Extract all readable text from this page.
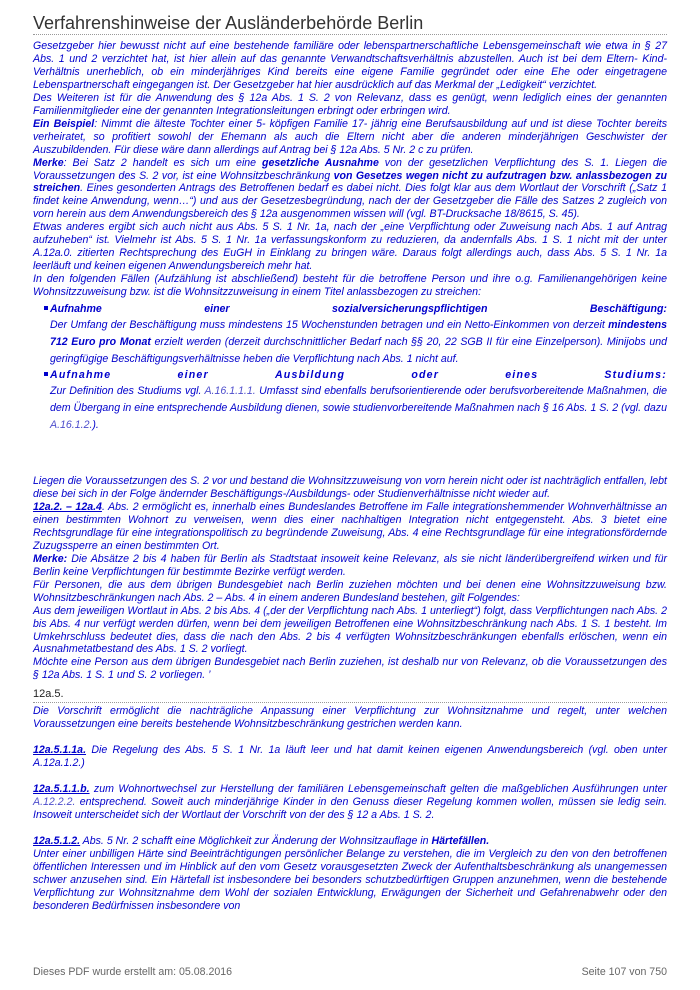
Verfahrenshinweise der Ausländerbehörde Berlin

Gesetzgeber hier bewusst nicht auf eine bestehende familiäre oder lebenspartnerschaftliche Lebensgemeinschaft wie etwa in § 27 Abs. 1 und 2 verzichtet hat, ist hier allein auf das genannte Verwandtschaftsverhältnis abzustellen. Auch ist bei dem Eltern- Kind- Verhältnis unerheblich, ob ein minderjähriges Kind bereits eine eigene Familie gegründet oder eine Ehe oder eingetragene Lebenspartnerschaft eingegangen ist. Der Gesetzgeber hat hier ausdrücklich auf das Merkmal der „Ledigkeit“ verzichtet.

Des Weiteren ist für die Anwendung des § 12a Abs. 1 S. 2 von Relevanz, dass es genügt, wenn lediglich eines der genannten Familienmitglieder eine der genannten Integrationsleitungen erbringt oder erbringen wird.

Ein Beispiel: Nimmt die älteste Tochter einer 5- köpfigen Familie 17- jährig eine Berufsausbildung auf und ist diese Tochter bereits verheiratet, so profitiert sowohl der Ehemann als auch die Eltern nicht aber die anderen minderjährigen Geschwister der Auszubildenden. Für diese wäre dann allerdings auf Antrag bei § 12a Abs. 5 Nr. 2 c zu prüfen.

Merke: Bei Satz 2 handelt es sich um eine gesetzliche Ausnahme von der gesetzlichen Verpflichtung des S. 1. Liegen die Voraussetzungen des S. 2 vor, ist eine Wohnsitzbeschränkung von Gesetzes wegen nicht zu aufzutragen bzw. anlassbezogen zu streichen. Eines gesonderten Antrags des Betroffenen bedarf es dabei nicht. Dies folgt klar aus dem Wortlaut der Vorschrift („Satz 1 findet keine Anwendung, wenn…“) und aus der Gesetzesbegründung, nach der der Gesetzgeber die Fälle des Satzes 2 zugleich von vorn herein aus dem Anwendungsbereich des § 12a ausgenommen wissen will (vgl. BT-Drucksache 18/8615, S. 45).

Etwas anderes ergibt sich auch nicht aus Abs. 5 S. 1 Nr. 1a, nach der „eine Verpflichtung oder Zuweisung nach Abs. 1 auf Antrag aufzuheben“ ist. Vielmehr ist Abs. 5 S. 1 Nr. 1a verfassungskonform zu reduzieren, da andernfalls Abs. 1 S. 1 nicht mit der unter A.12a.0. zitierten Rechtsprechung des EuGH in Einklang zu bringen wäre. Daraus folgt allerdings auch, dass Abs. 5 S. 1 Nr. 1a leerläuft und keinen eigenen Anwendungsbereich mehr hat.

In den folgenden Fällen (Aufzählung ist abschließend) besteht für die betroffene Person und ihre o.g. Familienangehörigen keine Wohnsitzzuweisung bzw. ist die Wohnsitzzuweisung in einem Titel anlassbezogen zu streichen:

Aufnahme	einer	sozialversicherungspflichtigen	Beschäftigung:
Der Umfang der Beschäftigung muss mindestens 15 Wochenstunden betragen und ein Netto-Einkommen von derzeit mindestens 712 Euro pro Monat erzielt werden (derzeit durchschnittlicher Bedarf nach §§ 20, 22 SGB II für eine Einzelperson). Minijobs und geringfügige Beschäftigungsverhältnisse heben die Verpflichtung nach Abs. 1 nicht auf.
Aufnahme	einer	Ausbildung	oder	eines	Studiums:
Zur Definition des Studiums vgl. A.16.1.1.1. Umfasst sind ebenfalls berufsorientierende oder berufsvorbereitende Maßnahmen, die dem Übergang in eine entsprechende Ausbildung dienen, sowie studienvorbereitende Maßnahmen nach § 16 Abs. 1 S. 2 (vgl. dazu A.16.1.2.).

Liegen die Voraussetzungen des S. 2 vor und bestand die Wohnsitzzuweisung von vorn herein nicht oder ist nachträglich entfallen, lebt diese bei sich in der Folge ändernder Beschäftigungs-/Ausbildungs- oder Studienverhältnisse nicht wieder auf.

12a.2. – 12a.4. Abs. 2 ermöglicht es, innerhalb eines Bundeslandes Betroffene im Falle integrationshemmender Wohnverhältnisse an einen bestimmten Wohnort zu verweisen, wenn dies einer nachhaltigen Integration nicht entgegensteht. Abs. 3 bietet eine Rechtsgrundlage für eine integrationspolitisch zu begründende Zuweisung, Abs. 4 eine Rechtsgrundlage für eine integrationsfördernde Zuzugssperre an einen bestimmten Ort.

Merke: Die Absätze 2 bis 4 haben für Berlin als Stadtstaat insoweit keine Relevanz, als sie nicht länderübergreifend wirken und für Berlin keine Verpflichtungen für bestimmte Bezirke verfügt werden.

Für Personen, die aus dem übrigen Bundesgebiet nach Berlin zuziehen möchten und bei denen eine Wohnsitzzuweisung bzw. Wohnsitzbeschränkungen nach Abs. 2 – Abs. 4 in einem anderen Bundesland bestehen, gilt Folgendes:

Aus dem jeweiligen Wortlaut in Abs. 2 bis Abs. 4 („der der Verpflichtung nach Abs. 1 unterliegt“) folgt, dass Verpflichtungen nach Abs. 2 bis Abs. 4 nur verfügt werden dürfen, wenn bei dem jeweiligen Betroffenen eine Wohnsitzbeschränkung nach Abs. 1 S. 1 besteht. Im Umkehrschluss bedeutet dies, dass die nach den Abs. 2 bis 4 verfügten Wohnsitzbeschränkungen ebenfalls erlöschen, wenn ein Ausnahmetatbestand des Abs. 1 S. 2 vorliegt.

Möchte eine Person aus dem übrigen Bundesgebiet nach Berlin zuziehen, ist deshalb nur von Relevanz, ob die Voraussetzungen des § 12a Abs. 1 S. 1 und S. 2 vorliegen. ’

12a.5.

Die Vorschrift ermöglicht die nachträgliche Anpassung einer Verpflichtung zur Wohnsitznahme und regelt, unter welchen Voraussetzungen eine bereits bestehende Wohnsitzbeschränkung gestrichen werden kann.

12a.5.1.1a. Die Regelung des Abs. 5 S. 1 Nr. 1a läuft leer und hat damit keinen eigenen Anwendungsbereich (vgl. oben unter A.12a.1.2.)

12a.5.1.1.b. zum Wohnortwechsel zur Herstellung der familiären Lebensgemeinschaft gelten die maßgeblichen Ausführungen unter A.12.2.2. entsprechend. Soweit auch minderjährige Kinder in den Genuss dieser Regelung kommen wollen, müssen sie ledig sein. Insoweit unterscheidet sich der Wortlaut der Vorschrift von der des § 12 a Abs. 1 S. 2.

12a.5.1.2. Abs. 5 Nr. 2 schafft eine Möglichkeit zur Änderung der Wohnsitzauflage in Härtefällen.

Unter einer unbilligen Härte sind Beeinträchtigungen persönlicher Belange zu verstehen, die im Vergleich zu den von den betroffenen öffentlichen Interessen und im Hinblick auf den vom Gesetz vorausgesetzten Zweck der Aufenthaltsbeschränkung als unangemessen schwer anzusehen sind. Ein Härtefall ist insbesondere bei besonders schutzbedürftigen Gruppen anzunehmen, wenn die bestehende Verpflichtung zur Wohnsitznahme dem Wohl der sozialen Entwicklung, Erwägungen der Sicherheit und Gefahrenabwehr oder den besonderen Bedürfnissen insbesondere von

Dieses PDF wurde erstellt am: 05.08.2016	Seite 107 von 750
